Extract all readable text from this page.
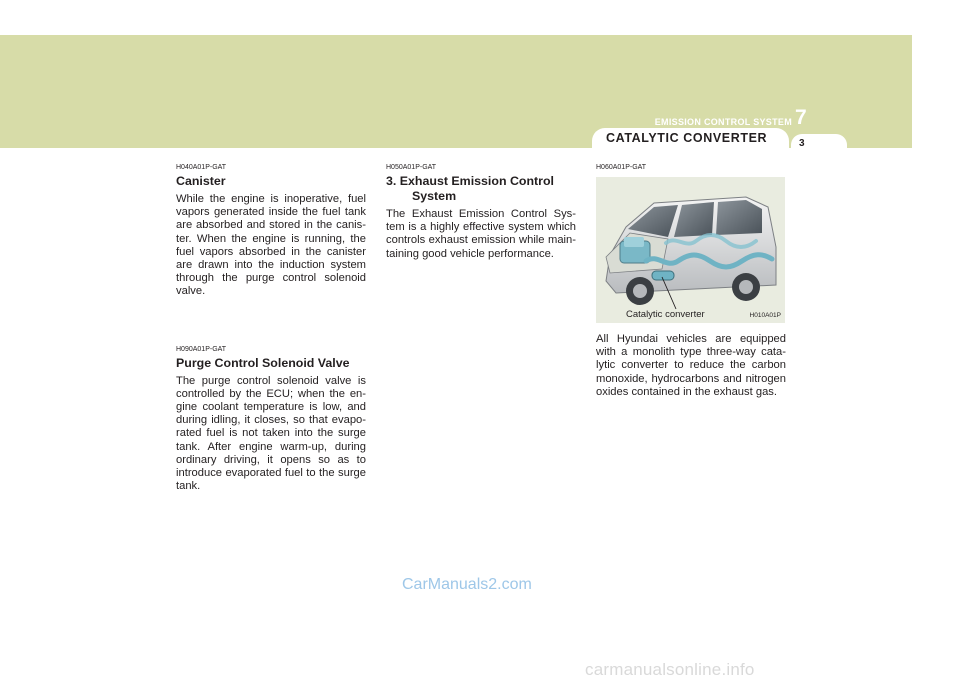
EMISSION CONTROL SYSTEM 7
CATALYTIC CONVERTER	3

H040A01P-GAT

Canister

While the engine is inoperative, fuel vapors generated inside the fuel tank are absorbed and stored in the canis-ter. When the engine is running, the fuel vapors absorbed in the canister are drawn into the induction system through the purge control solenoid valve.

H090A01P-GAT

Purge Control Solenoid Valve

The purge control solenoid valve is controlled by the ECU; when the en-gine coolant temperature is low, and during idling, it closes, so that evapo-rated fuel is not taken into the surge tank. After engine warm-up, during ordinary driving, it opens so as to introduce evaporated fuel to the surge tank.

H050A01P-GAT

3. Exhaust Emission Control
System

The Exhaust Emission Control Sys-tem is a highly effective system which controls exhaust emission while main-taining good vehicle performance.

H060A01P-GAT

Catalytic converter	H010A01P

All Hyundai vehicles are equipped with a monolith type three-way cata-lytic converter to reduce the carbon monoxide, hydrocarbons and nitrogen oxides contained in the exhaust gas.

CarManuals2.com
carmanualsonline.info
